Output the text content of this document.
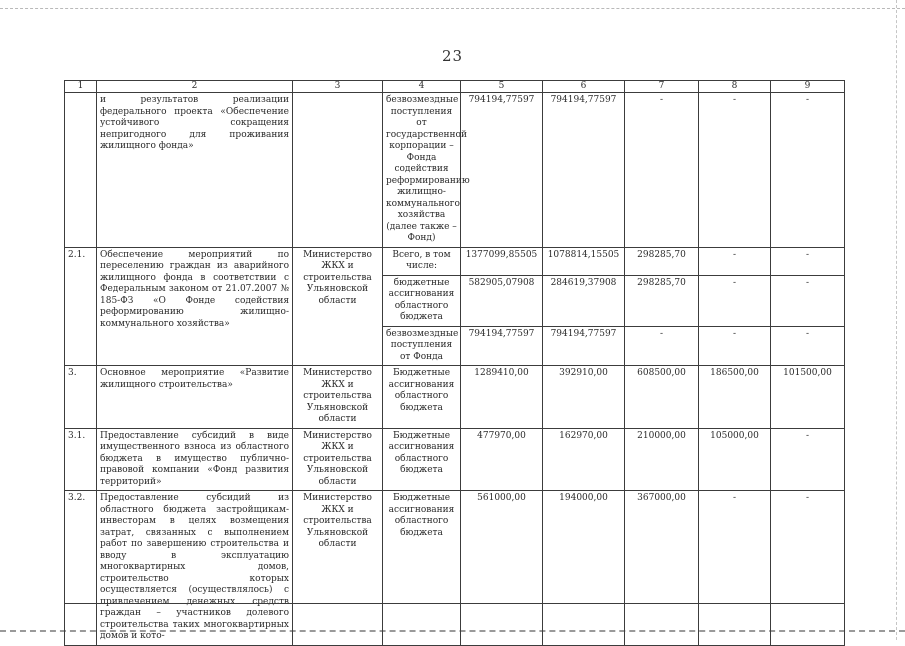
23
1	2	3	4	5	6	7	8	9
	и результатов реализации федерального проекта «Обеспечение устойчивого сокращения непригодного для проживания жилищного фонда»		безвозмездные поступления от государственной корпорации – Фонда содействия реформированию жилищно-коммунального хозяйства (далее также – Фонд)	794194,77597	794194,77597	-	-	-
2.1.	Обеспечение мероприятий по переселению граждан из аварийного жилищного фонда в соответствии с Федеральным законом от 21.07.2007 № 185-ФЗ «О Фонде содействия реформированию жилищно-коммунального хозяйства»	Министерство ЖКХ и строительства Ульяновской области	Всего, в том числе:	1377099,85505	1078814,15505	298285,70	-	-
			бюджетные ассигнования областного бюджета	582905,07908	284619,37908	298285,70	-	-
			безвозмездные поступления от Фонда	794194,77597	794194,77597	-	-	-
3.	Основное мероприятие «Развитие жилищного строительства»	Министерство ЖКХ и строительства Ульяновской области	Бюджетные ассигнования областного бюджета	1289410,00	392910,00	608500,00	186500,00	101500,00
3.1.	Предоставление субсидий в виде имущественного взноса из областного бюджета в имущество публично-правовой компании «Фонд развития территорий»	Министерство ЖКХ и строительства Ульяновской области	Бюджетные ассигнования областного бюджета	477970,00	162970,00	210000,00	105000,00	-
3.2.	Предоставление субсидий из областного бюджета застройщикам-инвесторам в целях возмещения затрат, связанных с выполнением работ по завершению строительства и вводу в эксплуатацию многоквартирных домов, строительство которых осуществляется (осуществлялось) с привлечением денежных средств граждан – участников долевого строительства таких многоквартирных домов и кото-	Министерство ЖКХ и строительства Ульяновской области	Бюджетные ассигнования областного бюджета	561000,00	194000,00	367000,00	-	-
